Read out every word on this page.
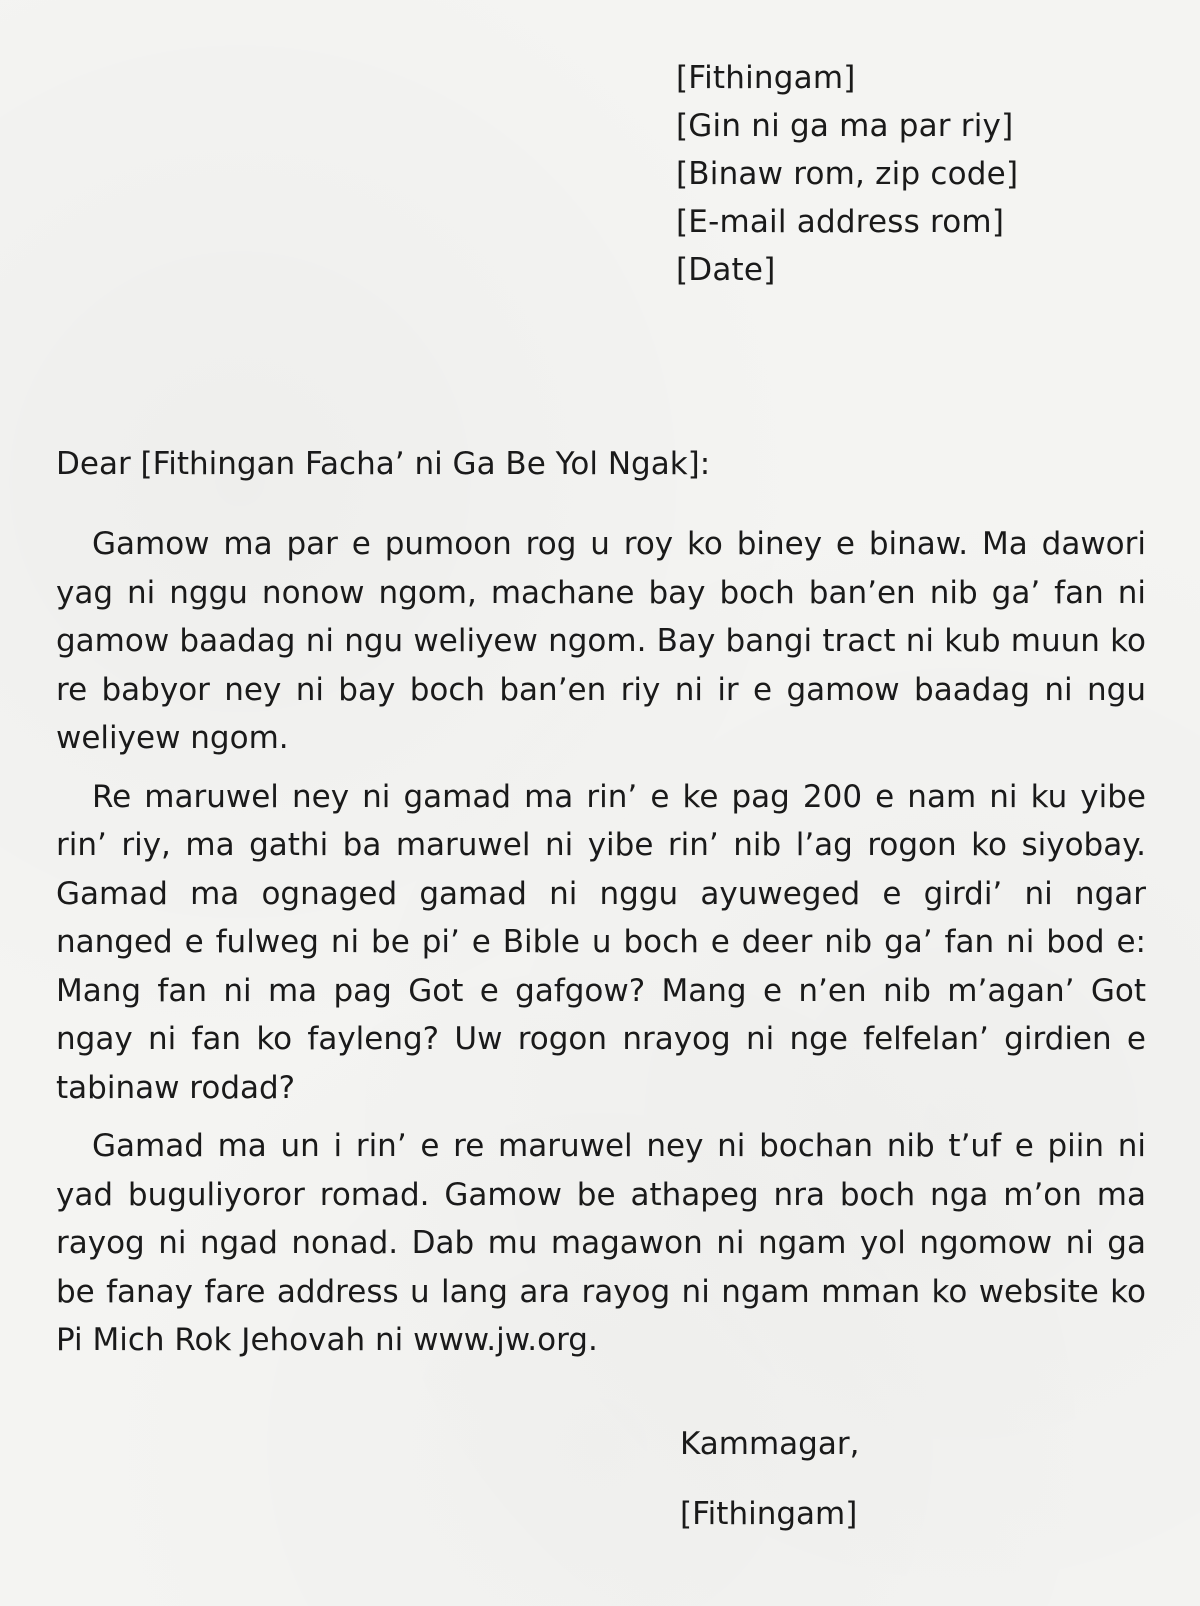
[Fithingam]
[Gin ni ga ma par riy]
[Binaw rom, zip code]
[E-mail address rom]
[Date]
Dear [Fithingan Facha’ ni Ga Be Yol Ngak]:

Gamow ma par e pumoon rog u roy ko biney e binaw. Ma dawori yag ni nggu nonow ngom, machane bay boch ban’en nib ga’ fan ni gamow baadag ni ngu weliyew ngom. Bay bangi tract ni kub muun ko re babyor ney ni bay boch ban’en riy ni ir e gamow baadag ni ngu weliyew ngom.

Re maruwel ney ni gamad ma rin’ e ke pag 200 e nam ni ku yibe rin’ riy, ma gathi ba maruwel ni yibe rin’ nib l’ag rogon ko siyobay. Gamad ma ognaged gamad ni nggu ayuweged e girdi’ ni ngar nanged e fulweg ni be pi’ e Bible u boch e deer nib ga’ fan ni bod e: Mang fan ni ma pag Got e gafgow? Mang e n’en nib m’agan’ Got ngay ni fan ko fayleng? Uw rogon nrayog ni nge felfelan’ girdien e tabinaw rodad?

Gamad ma un i rin’ e re maruwel ney ni bochan nib t’uf e piin ni yad buguliyoror romad. Gamow be athapeg nra boch nga m’on ma rayog ni ngad nonad. Dab mu magawon ni ngam yol ngomow ni ga be fanay fare address u lang ara rayog ni ngam mman ko website ko Pi Mich Rok Jehovah ni www.jw.org.

Kammagar,
[Fithingam]
